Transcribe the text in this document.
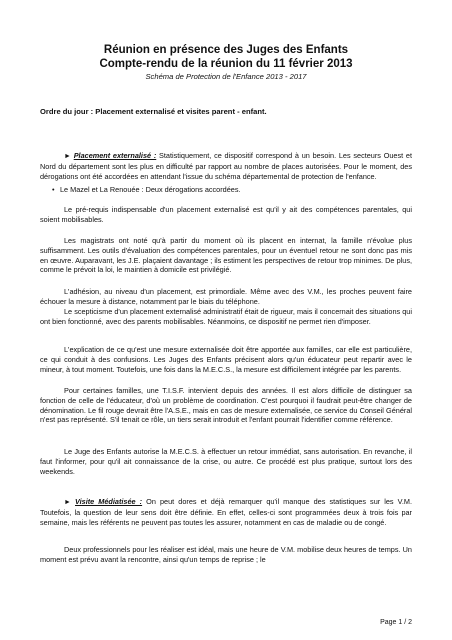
Réunion en présence des Juges des Enfants
Compte-rendu de la réunion du 11 février 2013
Schéma de Protection de l'Enfance 2013 - 2017
Ordre du jour : Placement externalisé et visites parent - enfant.

► Placement externalisé : Statistiquement, ce dispositif correspond à un besoin. Les secteurs Ouest et Nord du département sont les plus en difficulté par rapport au nombre de places autorisées. Pour le moment, des dérogations ont été accordées en attendant l'issue du schéma départemental de protection de l'enfance.

• Le Mazel et La Renouée : Deux dérogations accordées.

Le pré-requis indispensable d'un placement externalisé est qu'il y ait des compétences parentales, qui soient mobilisables.

Les magistrats ont noté qu'à partir du moment où ils placent en internat, la famille n'évolue plus suffisamment. Les outils d'évaluation des compétences parentales, pour un éventuel retour ne sont donc pas mis en œuvre. Auparavant, les J.E. plaçaient davantage ; ils estiment les perspectives de retour trop minimes. De plus, comme le prévoit la loi, le maintien à domicile est privilégié.

L'adhésion, au niveau d'un placement, est primordiale. Même avec des V.M., les proches peuvent faire échouer la mesure à distance, notamment par le biais du téléphone.

Le scepticisme d'un placement externalisé administratif était de rigueur, mais il concernait des situations qui ont bien fonctionné, avec des parents mobilisables. Néanmoins, ce dispositif ne permet rien d'imposer.

L'explication de ce qu'est une mesure externalisée doit être apportée aux familles, car elle est particulière, ce qui conduit à des confusions. Les Juges des Enfants précisent alors qu'un éducateur peut repartir avec le mineur, à tout moment. Toutefois, une fois dans la M.E.C.S., la mesure est difficilement intégrée par les parents.

Pour certaines familles, une T.I.S.F. intervient depuis des années. Il est alors difficile de distinguer sa fonction de celle de l'éducateur, d'où un problème de coordination. C'est pourquoi il faudrait peut-être changer de dénomination. Le fil rouge devrait être l'A.S.E., mais en cas de mesure externalisée, ce service du Conseil Général n'est pas représenté. S'il tenait ce rôle, un tiers serait introduit et l'enfant pourrait l'identifier comme référence.

Le Juge des Enfants autorise la M.E.C.S. à effectuer un retour immédiat, sans autorisation. En revanche, il faut l'informer, pour qu'il ait connaissance de la crise, ou autre. Ce procédé est plus pratique, surtout lors des weekends.

► Visite Médiatisée : On peut dores et déjà remarquer qu'il manque des statistiques sur les V.M. Toutefois, la question de leur sens doit être définie. En effet, celles-ci sont programmées deux à trois fois par semaine, mais les référents ne peuvent pas toutes les assurer, notamment en cas de maladie ou de congé.

Deux professionnels pour les réaliser est idéal, mais une heure de V.M. mobilise deux heures de temps. Un moment est prévu avant la rencontre, ainsi qu'un temps de reprise ; le

Page 1 / 2
